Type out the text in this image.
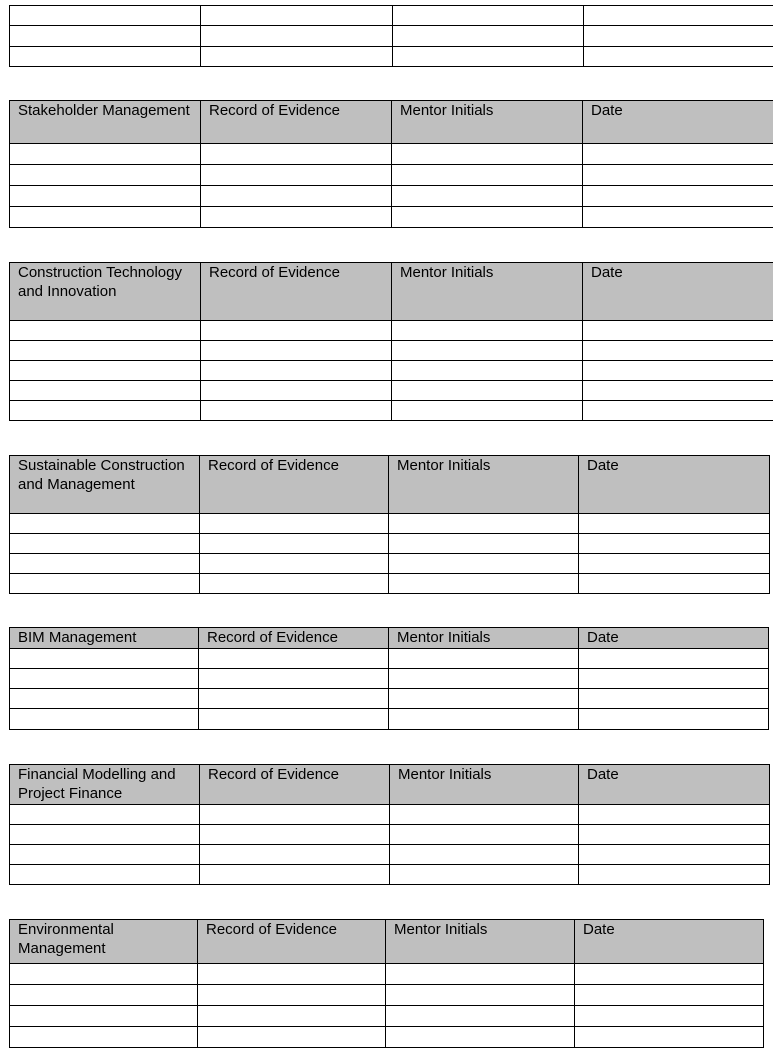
Stakeholder Management	Record of Evidence	Mentor Initials	Date

Construction Technology and Innovation	Record of Evidence	Mentor Initials	Date

Sustainable Construction and Management	Record of Evidence	Mentor Initials	Date

BIM Management	Record of Evidence	Mentor Initials	Date

Financial Modelling and Project Finance	Record of Evidence	Mentor Initials	Date

Environmental Management	Record of Evidence	Mentor Initials	Date
